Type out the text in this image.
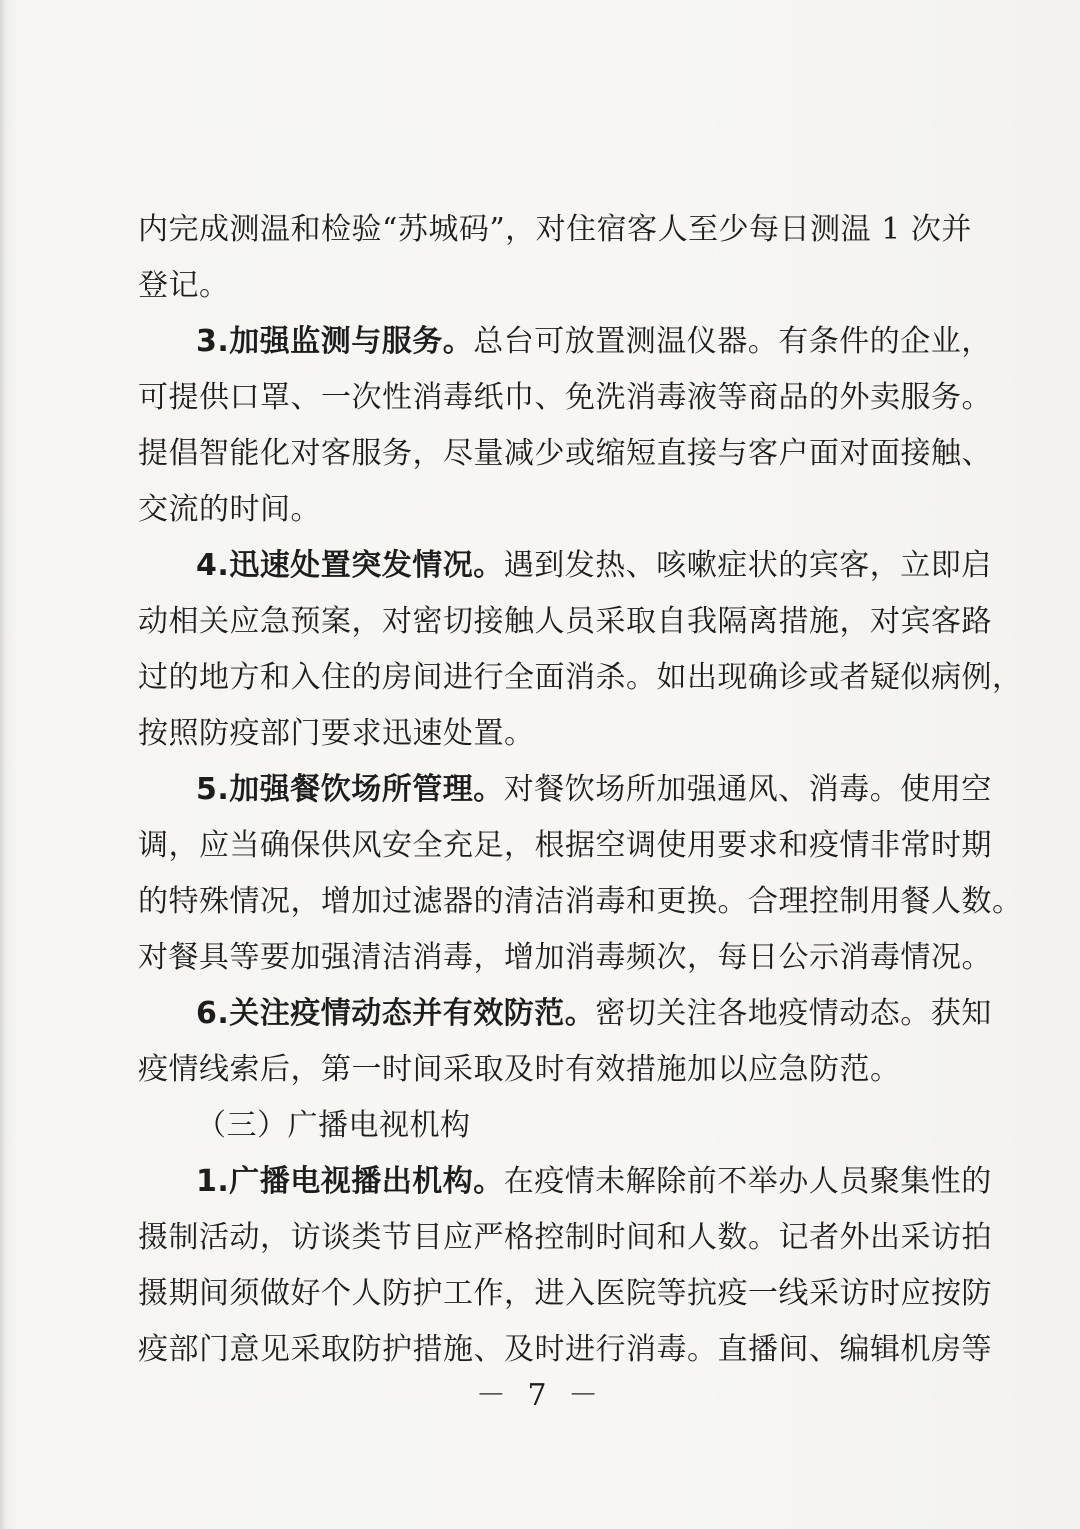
内完成测温和检验“苏城码”，对住宿客人至少每日测温 1 次并
登记。
3.加强监测与服务。总台可放置测温仪器。有条件的企业，
可提供口罩、一次性消毒纸巾、免洗消毒液等商品的外卖服务。
提倡智能化对客服务，尽量减少或缩短直接与客户面对面接触、
交流的时间。
4.迅速处置突发情况。遇到发热、咳嗽症状的宾客，立即启
动相关应急预案，对密切接触人员采取自我隔离措施，对宾客路
过的地方和入住的房间进行全面消杀。如出现确诊或者疑似病例，
按照防疫部门要求迅速处置。
5.加强餐饮场所管理。对餐饮场所加强通风、消毒。使用空
调，应当确保供风安全充足，根据空调使用要求和疫情非常时期
的特殊情况，增加过滤器的清洁消毒和更换。合理控制用餐人数。
对餐具等要加强清洁消毒，增加消毒频次，每日公示消毒情况。
6.关注疫情动态并有效防范。密切关注各地疫情动态。获知
疫情线索后，第一时间采取及时有效措施加以应急防范。
（三）广播电视机构
1.广播电视播出机构。在疫情未解除前不举办人员聚集性的
摄制活动，访谈类节目应严格控制时间和人数。记者外出采访拍
摄期间须做好个人防护工作，进入医院等抗疫一线采访时应按防
疫部门意见采取防护措施、及时进行消毒。直播间、编辑机房等
－ 7 －
